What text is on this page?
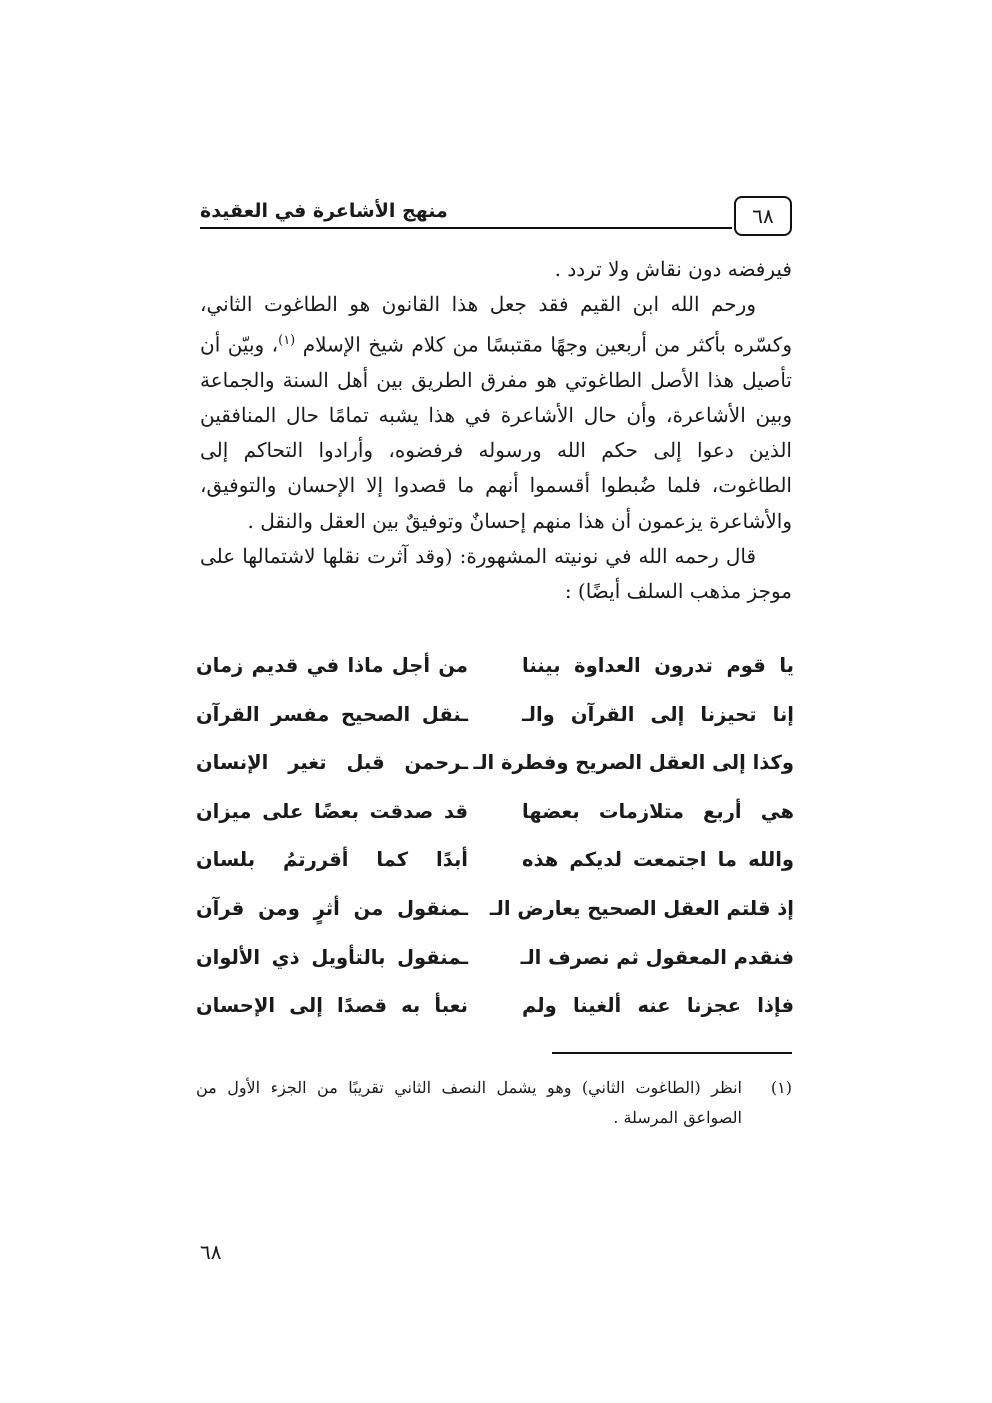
٦٨
منهج الأشاعرة في العقيدة

فيرفضه دون نقاش ولا تردد .

ورحم الله ابن القيم فقد جعل هذا القانون هو الطاغوت الثاني، وكسّره بأكثر من أربعين وجهًا مقتبسًا من كلام شيخ الإسلام $^{(١)}$، وبيّن أن تأصيل هذا الأصل الطاغوتي هو مفرق الطريق بين أهل السنة والجماعة وبين الأشاعرة، وأن حال الأشاعرة في هذا يشبه تمامًا حال المنافقين الذين دعوا إلى حكم الله ورسوله فرفضوه، وأرادوا التحاكم إلى الطاغوت، فلما ضُبطوا أقسموا أنهم ما قصدوا إلا الإحسان والتوفيق، والأشاعرة يزعمون أن هذا منهم إحسانٌ وتوفيقٌ بين العقل والنقل .

قال رحمه الله في نونيته المشهورة: (وقد آثرت نقلها لاشتمالها على موجز مذهب السلف أيضًا) :

يا قوم تدرون العداوة بيننا
من أجل ماذا في قديم زمان
إنا تحيزنا إلى القرآن والـ
ـنقل الصحيح مفسر القرآن
وكذا إلى العقل الصريح وفطرة الـ
ـرحمن قبل تغير الإنسان
هي أربع متلازمات بعضها
قد صدقت بعضًا على ميزان
والله ما اجتمعت لديكم هذه
أبدًا كما أقررتمُ بلسان
إذ قلتم العقل الصحيح يعارض الـ
ـمنقول من أثرٍ ومن قرآن
فنقدم المعقول ثم نصرف الـ
ـمنقول بالتأويل ذي الألوان
فإذا عجزنا عنه ألغينا ولم
نعبأ به قصدًا إلى الإحسان
(١)
انظر (الطاغوت الثاني) وهو يشمل النصف الثاني تقريبًا من الجزء الأول من الصواعق المرسلة .
٦٨
